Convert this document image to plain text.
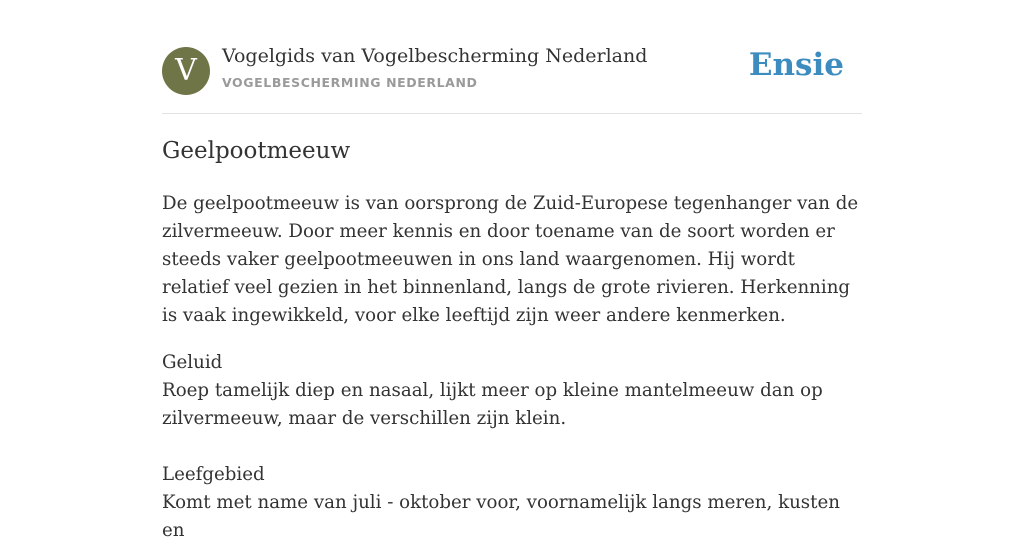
V	Vogelgids van Vogelbescherming Nederland
VOGELBESCHERMING NEDERLAND	Ensie
Geelpootmeeuw

De geelpootmeeuw is van oorsprong de Zuid-Europese tegenhanger van de zilvermeeuw. Door meer kennis en door toename van de soort worden er steeds vaker geelpootmeeuwen in ons land waargenomen. Hij wordt relatief veel gezien in het binnenland, langs de grote rivieren. Herkenning is vaak ingewikkeld, voor elke leeftijd zijn weer andere kenmerken.

Geluid
Roep tamelijk diep en nasaal, lijkt meer op kleine mantelmeeuw dan op zilvermeeuw, maar de verschillen zijn klein.

Leefgebied
Komt met name van juli - oktober voor, voornamelijk langs meren, kusten en
